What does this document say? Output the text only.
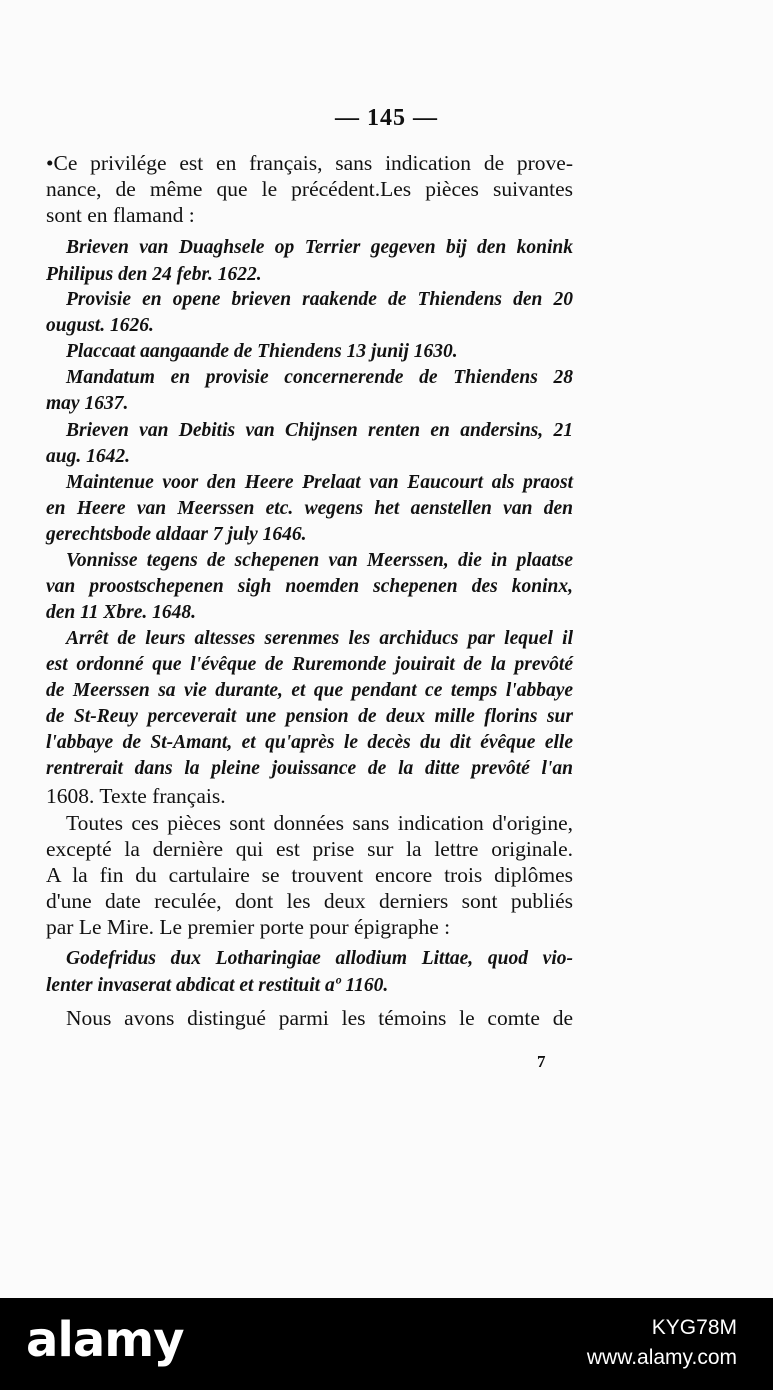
— 145 —
•Ce privilége est en français, sans indication de prove-
nance, de même que le précédent.Les pièces suivantes
sont en flamand :
Brieven van Duaghsele op Terrier gegeven bij den konink
Philipus den 24 febr. 1622.
Provisie en opene brieven raakende de Thiendens den 20
ougust. 1626.
Placcaat aangaande de Thiendens 13 junij 1630.
Mandatum en provisie concernerende de Thiendens 28
may 1637.
Brieven van Debitis van Chijnsen renten en andersins, 21
aug. 1642.
Maintenue voor den Heere Prelaat van Eaucourt als praost
en Heere van Meerssen etc. wegens het aenstellen van den
gerechtsbode aldaar 7 july 1646.
Vonnisse tegens de schepenen van Meerssen, die in plaatse
van proostschepenen sigh noemden schepenen des koninx,
den 11 Xbre. 1648.
Arrêt de leurs altesses serenmes les archiducs par lequel il
est ordonné que l'évêque de Ruremonde jouirait de la prevôté
de Meerssen sa vie durante, et que pendant ce temps l'abbaye
de St-Reuy perceverait une pension de deux mille florins sur
l'abbaye de St-Amant, et qu'après le decès du dit évêque elle
rentrerait dans la pleine jouissance de la ditte prevôté l'an
1608. Texte français.
Toutes ces pièces sont données sans indication d'origine,
excepté la dernière qui est prise sur la lettre originale.
A la fin du cartulaire se trouvent encore trois diplômes
d'une date reculée, dont les deux derniers sont publiés
par Le Mire. Le premier porte pour épigraphe :
Godefridus dux Lotharingiae allodium Littae, quod vio-
lenter invaserat abdicat et restituit aº 1160.
Nous avons distingué parmi les témoins le comte de
7
alamy	KYG78M
www.alamy.com
